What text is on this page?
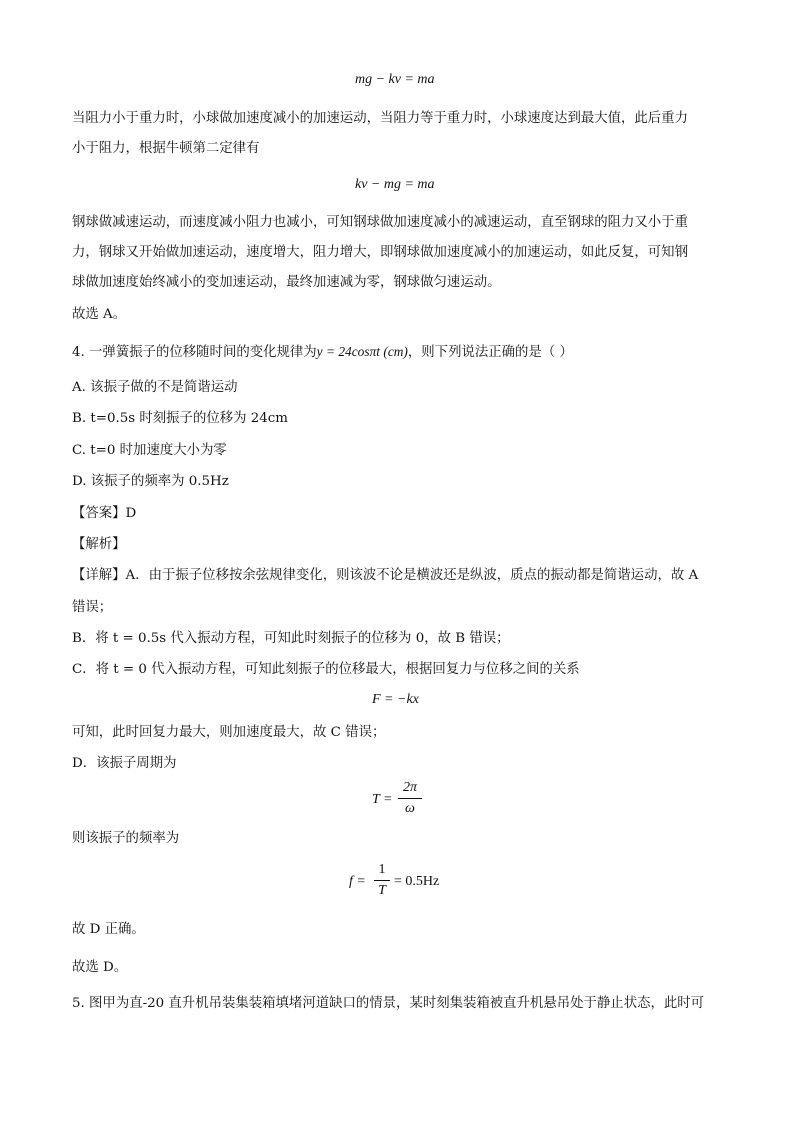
mg − kv = ma
当阻力小于重力时，小球做加速度减小的加速运动，当阻力等于重力时，小球速度达到最大值，此后重力
小于阻力，根据牛顿第二定律有
kv − mg = ma
钢球做减速运动，而速度减小阻力也减小，可知钢球做加速度减小的减速运动，直至钢球的阻力又小于重
力，钢球又开始做加速运动，速度增大，阻力增大，即钢球做加速度减小的加速运动，如此反复，可知钢
球做加速度始终减小的变加速运动，最终加速减为零，钢球做匀速运动。
故选 A。
4. 一弹簧振子的位移随时间的变化规律为y = 24cosπt (cm)，则下列说法正确的是（ ）
A. 该振子做的不是简谐运动
B. t=0.5s 时刻振子的位移为 24cm
C. t=0 时加速度大小为零
D. 该振子的频率为 0.5Hz
【答案】D
【解析】
【详解】A．由于振子位移按余弦规律变化，则该波不论是横波还是纵波，质点的振动都是简谐运动，故 A
错误；
B．将 t = 0.5s 代入振动方程，可知此时刻振子的位移为 0，故 B 错误；
C．将 t = 0 代入振动方程，可知此刻振子的位移最大，根据回复力与位移之间的关系
F = −kx
可知，此时回复力最大，则加速度最大，故 C 错误；
D．该振子周期为
T =
2π
ω
则该振子的频率为
f =
1
T
= 0.5Hz
故 D 正确。
故选 D。
5. 图甲为直-20 直升机吊装集装箱填堵河道缺口的情景，某时刻集装箱被直升机悬吊处于静止状态，此时可
